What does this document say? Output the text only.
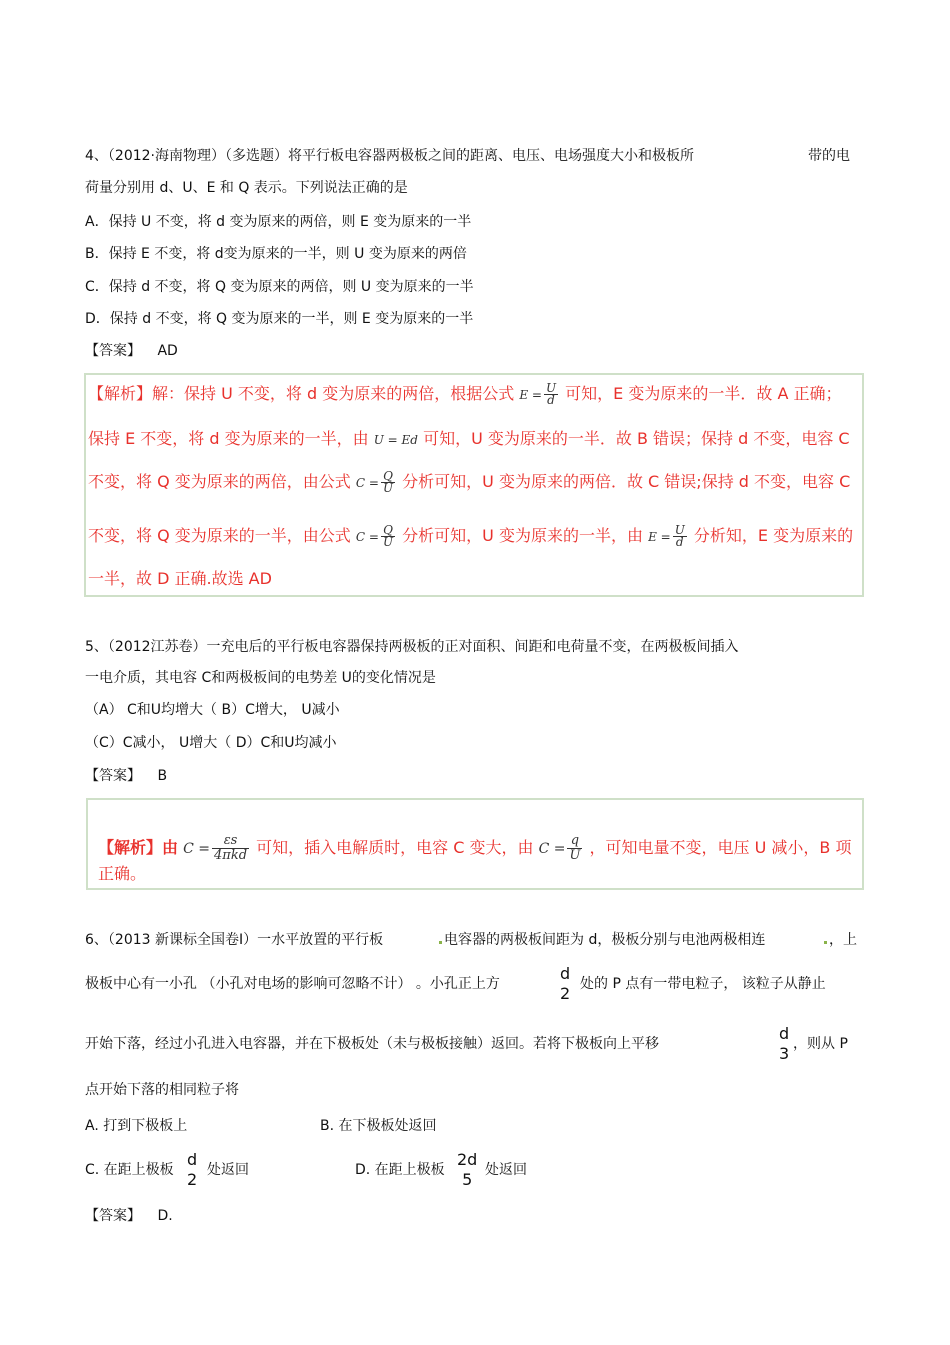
4、（2012·海南物理）（多选题）将平行板电容器两极板之间的距离、电压、电场强度大小和极板所	带的电
荷量分别用 d、U、E 和 Q 表示。下列说法正确的是
A．保持 U 不变，将 d 变为原来的两倍，则 E 变为原来的一半
B．保持 E 不变，将 d变为原来的一半，则 U 变为原来的两倍
C．保持 d 不变，将 Q 变为原来的两倍，则 U 变为原来的一半
D．保持 d 不变，将 Q 变为原来的一半，则 E 变为原来的一半
【答案】 AD
【解析】解：保持 U 不变，将 d 变为原来的两倍，根据公式 $E = \frac{U}{d}$ 可知，E 变为原来的一半．故 A 正确；
保持 E 不变，将 d 变为原来的一半，由 U = Ed 可知，U 变为原来的一半．故 B 错误；保持 d 不变，电容 C
不变，将 Q 变为原来的两倍，由公式 $C = \frac{Q}{U}$ 分析可知，U 变为原来的两倍．故 C 错误;保持 d 不变，电容 C
不变，将 Q 变为原来的一半，由公式 $C = \frac{Q}{U}$ 分析可知，U 变为原来的一半，由 $E = \frac{U}{d}$ 分析知，E 变为原来的
一半，故 D 正确.故选 AD
5、（2012江苏卷）一充电后的平行板电容器保持两极板的正对面积、间距和电荷量不变，在两极板间插入
一电介质，其电容 C和两极板间的电势差 U的变化情况是
（A） C和U均增大（ B）C增大， U减小
（C）C减小， U增大（ D）C和U均减小
【答案】 B
【解析】由 $C = \frac{\varepsilon s}{\text{4πkd}}$ 可知，插入电解质时，电容 C 变大，由 $C = \frac{q}{U}$ ，可知电量不变，电压 U 减小，B 项
正确。
6、（2013 新课标全国卷Ⅰ）一水平放置的平行板	电容器的两极板间距为 d，极板分别与电池两极相连	，上
极板中心有一小孔 （小孔对电场的影响可忽略不计） 。小孔正上方
d
2 处的 P 点有一带电粒子， 该粒子从静止
开始下落，经过小孔进入电容器，并在下极板处（未与极板接触）返回。若将下极板向上平移
d
3 ，则从 P
点开始下落的相同粒子将
A. 打到下极板上	B. 在下极板处返回
C. 在距上极板
d
2 处返回	D. 在距上极板
2d
5 处返回
【答案】 D.
